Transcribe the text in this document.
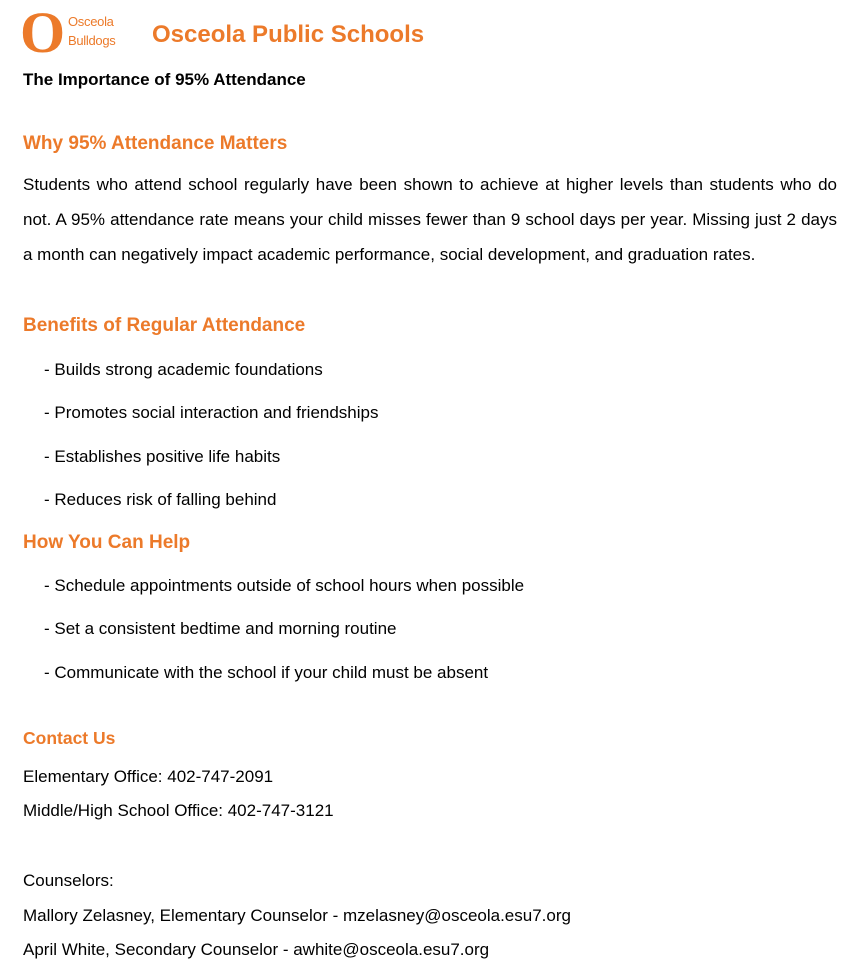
O Osceola
Bulldogs Osceola Public Schools
The Importance of 95% Attendance
Why 95% Attendance Matters
Students who attend school regularly have been shown to achieve at higher levels than students who do not. A 95% attendance rate means your child misses fewer than 9 school days per year. Missing just 2 days a month can negatively impact academic performance, social development, and graduation rates.
Benefits of Regular Attendance
- Builds strong academic foundations
- Promotes social interaction and friendships
- Establishes positive life habits
- Reduces risk of falling behind
How You Can Help
- Schedule appointments outside of school hours when possible
- Set a consistent bedtime and morning routine
- Communicate with the school if your child must be absent
Contact Us
Elementary Office: 402-747-2091
Middle/High School Office: 402-747-3121
Counselors:
Mallory Zelasney, Elementary Counselor - mzelasney@osceola.esu7.org
April White, Secondary Counselor - awhite@osceola.esu7.org
